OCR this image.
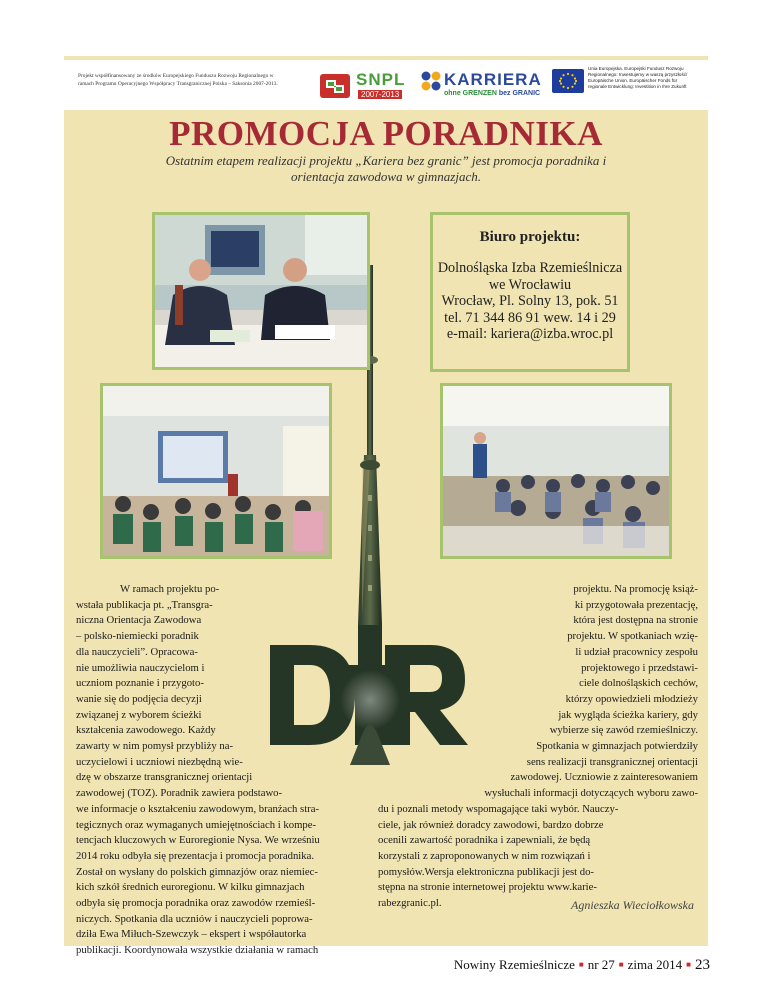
Projekt współfinansowany ze środków Europejskiego Funduszu Rozwoju Regionalnego w
ramach Programu Operacyjnego Współpracy Transgranicznej Polska – Saksonia 2007-2013.	SNPL
2007-2013
KARRIERA
ohne GRENZEN bez GRANIC
Unia Europejska. Europejski Fundusz Rozwoju
Regionalnego: Inwestujemy w waszą przyszłość/
Europäische Union. Europäischer Fonds für
regionale Entwicklung: Investition in Ihre Zukunft
PROMOCJA PORADNIKA
Ostatnim etapem realizacji projektu „Kariera bez granic” jest promocja poradnika i orientacja zawodowa w gimnazjach.
Biuro projektu:
Dolnośląska Izba Rzemieślnicza
we Wrocławiu
Wrocław, Pl. Solny 13, pok. 51
tel. 71 344 86 91 wew. 14 i 29
e-mail: kariera@izba.wroc.pl
W ramach projektu po-
wstała publikacja pt. „Transgra-
niczna Orientacja Zawodowa
– polsko-niemiecki poradnik
dla nauczycieli”. Opracowa-
nie umożliwia nauczycielom i
uczniom poznanie i przygoto-
wanie się do podjęcia decyzji
związanej z wyborem ścieżki
kształcenia zawodowego. Każdy
zawarty w nim pomysł przybliży na-
uczycielowi i uczniowi niezbędną wie-
dzę w obszarze transgranicznej orientacji
zawodowej (TOZ). Poradnik zawiera podstawo-
we informacje o kształceniu zawodowym, branżach stra-
tegicznych oraz wymaganych umiejętnościach i kompe-
tencjach kluczowych w Euroregionie Nysa. We wrześniu
2014 roku odbyła się prezentacja i promocja poradnika.
Został on wysłany do polskich gimnazjów oraz niemiec-
kich szkół średnich euroregionu. W kilku gimnazjach
odbyła się promocja poradnika oraz zawodów rzemieśl-
niczych. Spotkania dla uczniów i nauczycieli poprowa-
dziła Ewa Miłuch-Szewczyk – ekspert i współautorka
publikacji. Koordynowała wszystkie działania w ramach
projektu. Na promocję książ-
ki przygotowała prezentację,
która jest dostępna na stronie
projektu. W spotkaniach wzię-
li udział pracownicy zespołu
projektowego i przedstawi-
ciele dolnośląskich cechów,
którzy opowiedzieli młodzieży
jak wygląda ścieżka kariery, gdy
wybierze się zawód rzemieślniczy.
Spotkania w gimnazjach potwierdziły
sens realizacji transgranicznej orientacji
zawodowej. Uczniowie z zainteresowaniem
wysłuchali informacji dotyczących wyboru zawo-
du i poznali metody wspomagające taki wybór. Nauczy-
ciele, jak również doradcy zawodowi, bardzo dobrze
ocenili zawartość poradnika i zapewniali, że będą
korzystali z zaproponowanych w nim rozwiązań i
pomysłów.Wersja elektroniczna publikacji jest do-
stępna na stronie internetowej projektu www.karie-
rabezgranic.pl.	Agnieszka Wieciołkowska
Nowiny Rzemieślnicze ■ nr 27 ■ zima 2014 ■ 23
